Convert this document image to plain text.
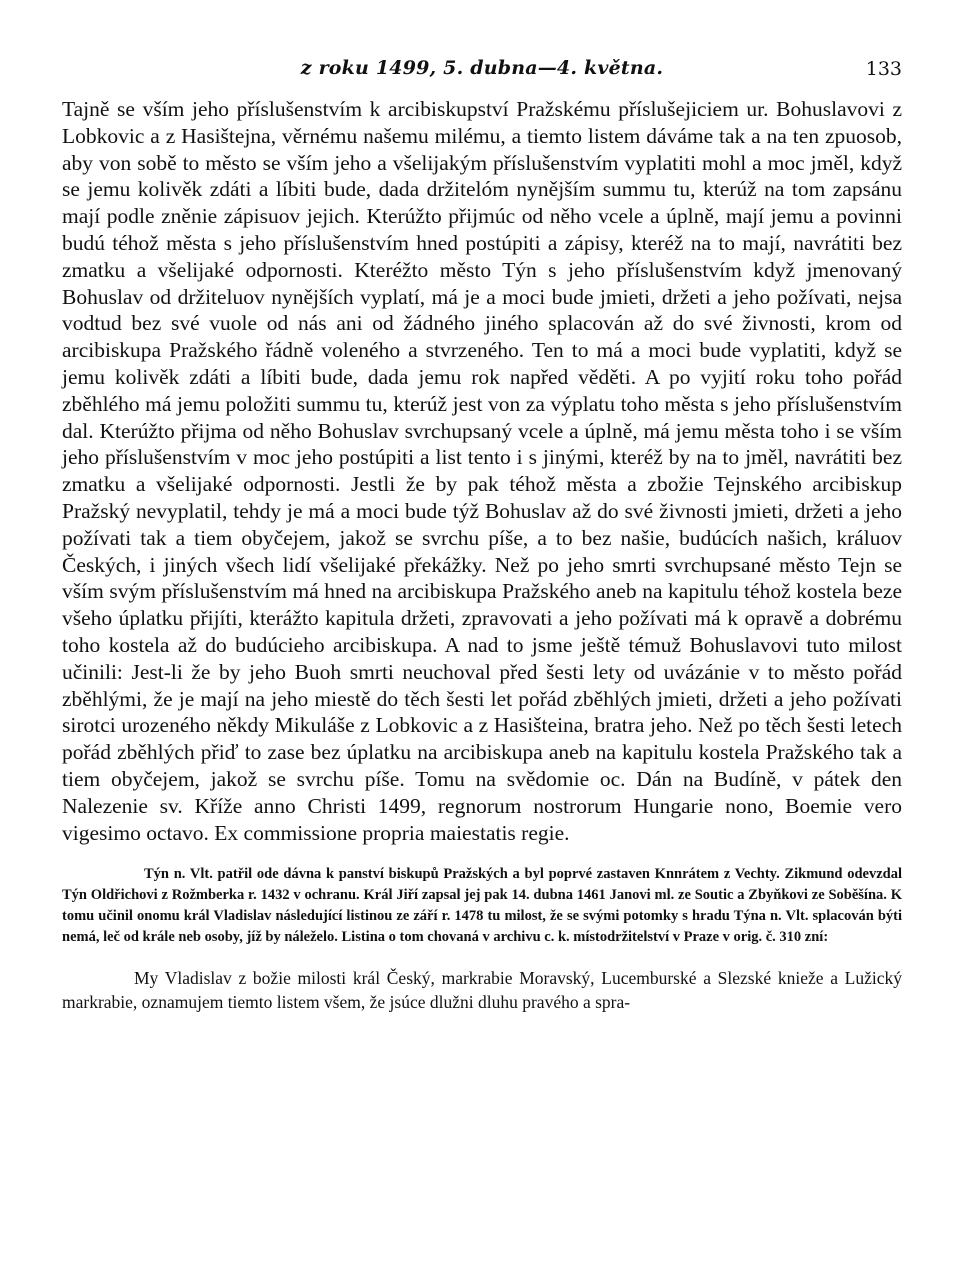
z roku 1499, 5. dubna—4. května.	133

Tajně se vším jeho příslušenstvím k arcibiskupství Pražskému příslušejiciem ur. Bohuslavovi z Lobkovic a z Hasištejna, věrnému našemu milému, a tiemto listem dáváme tak a na ten zpuosob, aby von sobě to město se vším jeho a všelijakým příslušenstvím vyplatiti mohl a moc jměl, když se jemu kolivěk zdáti a líbiti bude, dada držitelóm nynějším summu tu, kterúž na tom zapsánu mají podle zněnie zápisuov jejich. Kterúžto přijmúc od něho vcele a úplně, mají jemu a povinni budú téhož města s jeho příslušenstvím hned postúpiti a zápisy, kteréž na to mají, navrátiti bez zmatku a všelijaké odpornosti. Kteréžto město Týn s jeho příslušenstvím když jmenovaný Bohuslav od držiteluov nynějších vyplatí, má je a moci bude jmieti, držeti a jeho požívati, nejsa vodtud bez své vuole od nás ani od žádného jiného splacován až do své živnosti, krom od arcibiskupa Pražského řádně voleného a stvrzeného. Ten to má a moci bude vyplatiti, když se jemu kolivěk zdáti a líbiti bude, dada jemu rok napřed věděti. A po vyjití roku toho pořád zběhlého má jemu položiti summu tu, kterúž jest von za výplatu toho města s jeho příslušenstvím dal. Kterúžto přijma od něho Bohuslav svrchupsaný vcele a úplně, má jemu města toho i se vším jeho příslušenstvím v moc jeho postúpiti a list tento i s jinými, kteréž by na to jměl, navrátiti bez zmatku a všelijaké odpornosti. Jestli že by pak téhož města a zbožie Tejnského arcibiskup Pražský nevyplatil, tehdy je má a moci bude týž Bohuslav až do své živnosti jmieti, držeti a jeho požívati tak a tiem obyčejem, jakož se svrchu píše, a to bez našie, budúcích našich, králuov Českých, i jiných všech lidí všelijaké překážky. Než po jeho smrti svrchupsané město Tejn se vším svým příslušenstvím má hned na arcibiskupa Pražského aneb na kapitulu téhož kostela beze všeho úplatku přijíti, kterážto kapitula držeti, zpravovati a jeho požívati má k opravě a dobrému toho kostela až do budúcieho arcibiskupa. A nad to jsme ještě témuž Bohuslavovi tuto milost učinili: Jest-li že by jeho Buoh smrti neuchoval před šesti lety od uvázánie v to město pořád zběhlými, že je mají na jeho miestě do těch šesti let pořád zběhlých jmieti, držeti a jeho požívati sirotci urozeného někdy Mikuláše z Lobkovic a z Hasišteina, bratra jeho. Než po těch šesti letech pořád zběhlých přiď to zase bez úplatku na arcibiskupa aneb na kapitulu kostela Pražského tak a tiem obyčejem, jakož se svrchu píše. Tomu na svědomie oc. Dán na Budíně, v pátek den Nalezenie sv. Kříže anno Christi 1499, regnorum nostrorum Hungarie nono, Boemie vero vigesimo octavo. Ex commissione propria maiestatis regie.

Týn n. Vlt. patřil ode dávna k panství biskupů Pražských a byl poprvé zastaven Knnrátem z Vechty. Zikmund odevzdal Týn Oldřichovi z Rožmberka r. 1432 v ochranu. Král Jiří zapsal jej pak 14. dubna 1461 Janovi ml. ze Soutic a Zbyňkovi ze Soběšína. K tomu učinil onomu král Vladislav následující listinou ze září r. 1478 tu milost, že se svými potomky s hradu Týna n. Vlt. splacován býti nemá, leč od krále neb osoby, jíž by náleželo. Listina o tom chovaná v archivu c. k. místodržitelství v Praze v orig. č. 310 zní:
My Vladislav z božie milosti král Český, markrabie Moravský, Lucemburské a Slezské knieže a Lužický markrabie, oznamujem tiemto listem všem, že jsúce dlužni dluhu pravého a spra-
